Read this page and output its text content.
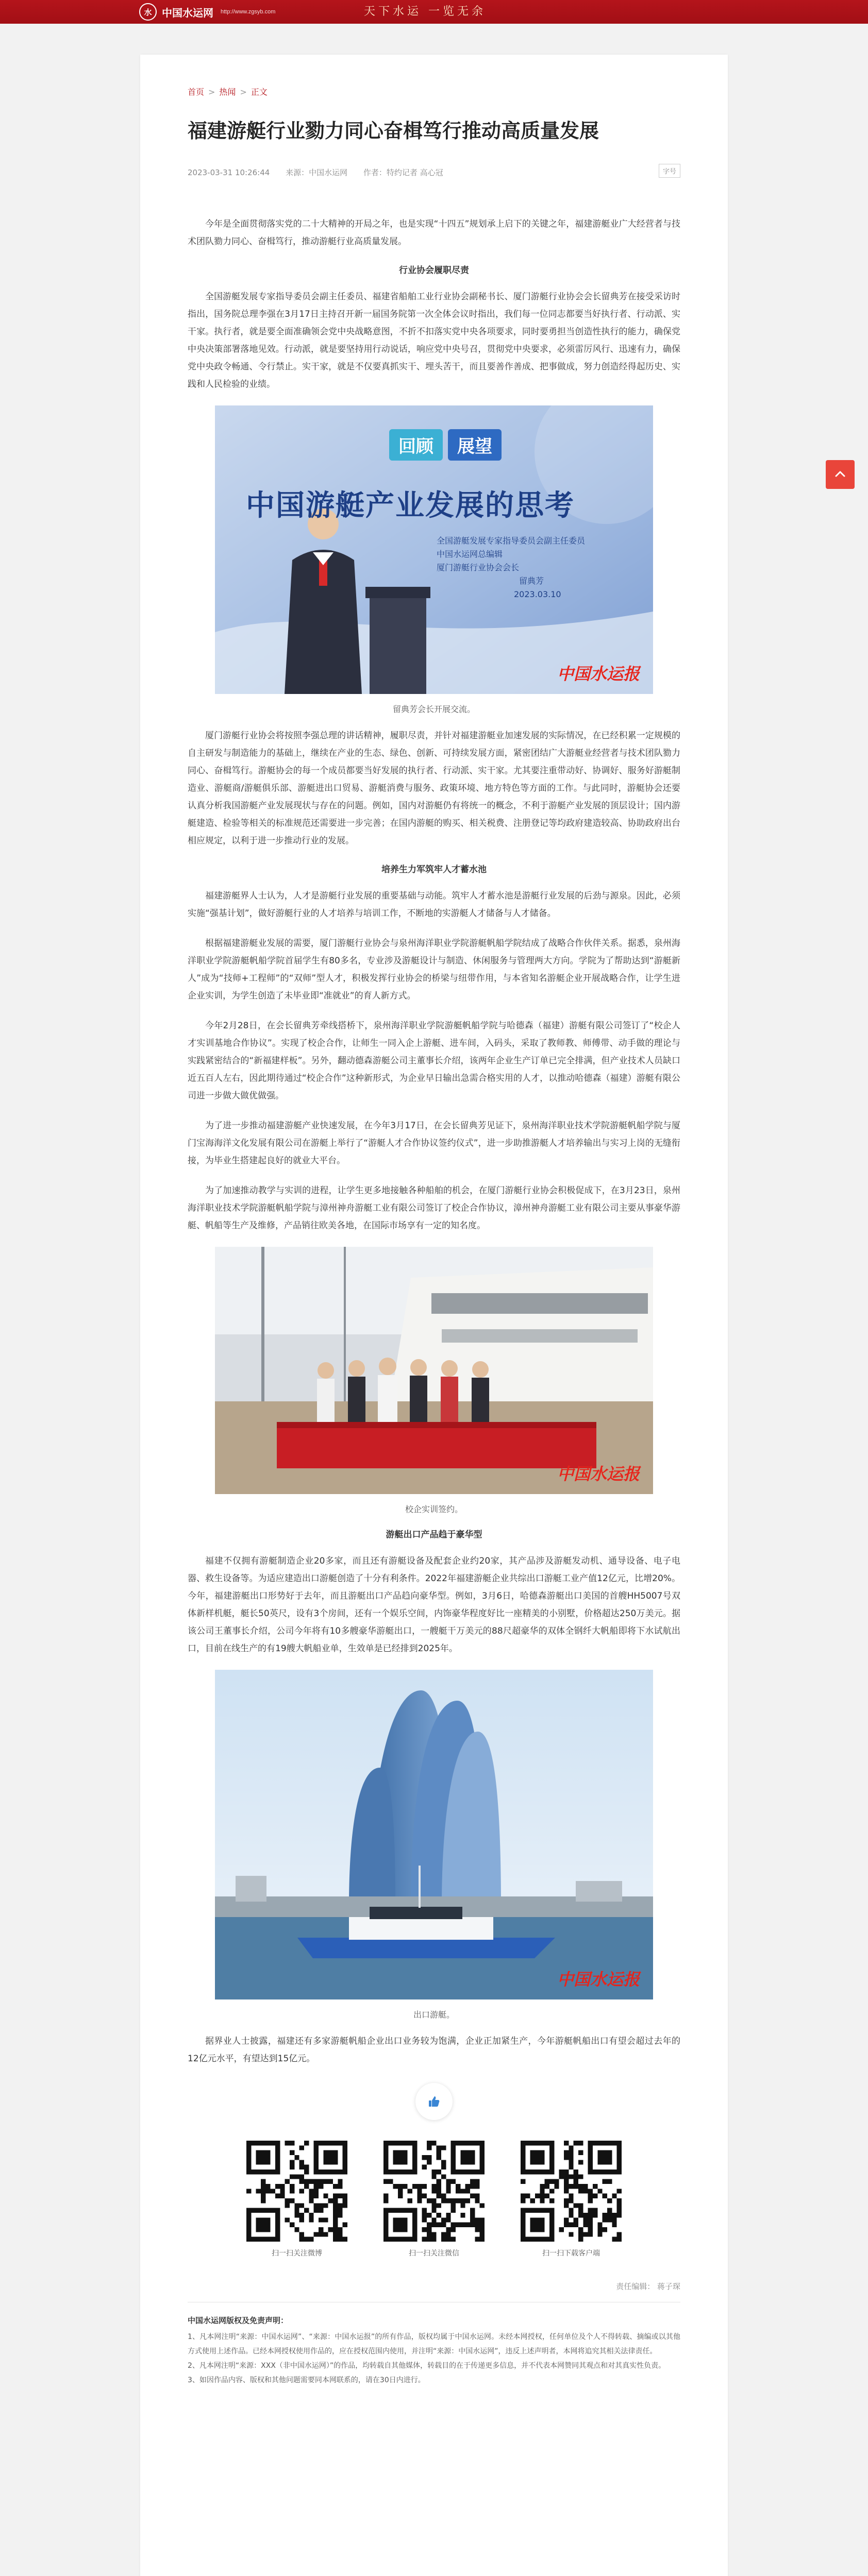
水 中国水运网 http://www.zgsyb.com	天下水运 一览无余
首页 > 热闻 > 正文
福建游艇行业勠力同心奋楫笃行推动高质量发展
2023-03-31 10:26:44 来源：中国水运网 作者：特约记者 高心冠	字号

今年是全面贯彻落实党的二十大精神的开局之年，也是实现“十四五”规划承上启下的关键之年，福建游艇业广大经营者与技术团队勠力同心、奋楫笃行，推动游艇行业高质量发展。

行业协会履职尽责

全国游艇发展专家指导委员会副主任委员、福建省船舶工业行业协会副秘书长、厦门游艇行业协会会长留典芳在接受采访时指出，国务院总理李强在3月17日主持召开新一届国务院第一次全体会议时指出，我们每一位同志都要当好执行者、行动派、实干家。执行者，就是要全面准确领会党中央战略意图，不折不扣落实党中央各项要求，同时要勇担当创造性执行的能力，确保党中央决策部署落地见效。行动派，就是要坚持用行动说话，响应党中央号召，贯彻党中央要求，必须雷厉风行、迅速有力，确保党中央政令畅通、令行禁止。实干家，就是不仅要真抓实干、埋头苦干，而且要善作善成、把事做成，努力创造经得起历史、实践和人民检验的业绩。

回顾	展望
中国游艇产业发展的思考
全国游艇发展专家指导委员会副主任委员
中国水运网总编辑
厦门游艇行业协会会长
留典芳
2023.03.10
中国水运报
留典芳会长开展交流。

厦门游艇行业协会将按照李强总理的讲话精神，履职尽责，并针对福建游艇业加速发展的实际情况，在已经积累一定规模的自主研发与制造能力的基础上，继续在产业的生态、绿色、创新、可持续发展方面，紧密团结广大游艇业经营者与技术团队勠力同心、奋楫笃行。游艇协会的每一个成员都要当好发展的执行者、行动派、实干家。尤其要注重带动好、协调好、服务好游艇制造业、游艇商/游艇俱乐部、游艇进出口贸易、游艇消费与服务、政策环境、地方特色等方面的工作。与此同时，游艇协会还要认真分析我国游艇产业发展现状与存在的问题。例如，国内对游艇仍有将统一的概念，不利于游艇产业发展的顶层设计；国内游艇建造、检验等相关的标准规范还需要进一步完善；在国内游艇的购买、相关税费、注册登记等均政府建造较高、协助政府出台相应规定，以利于进一步推动行业的发展。

培养生力军筑牢人才蓄水池

福建游艇界人士认为，人才是游艇行业发展的重要基础与动能。筑牢人才蓄水池是游艇行业发展的后劲与源泉。因此，必须实施“强基计划”，做好游艇行业的人才培养与培训工作，不断地的实游艇人才储备与人才储备。

根据福建游艇业发展的需要，厦门游艇行业协会与泉州海洋职业学院游艇帆船学院结成了战略合作伙伴关系。据悉，泉州海洋职业学院游艇帆船学院首届学生有80多名，专业涉及游艇设计与制造、休闲服务与管理两大方向。学院为了帮助达到“游艇新人”成为“技师+工程师”的“双师”型人才，积极发挥行业协会的桥梁与纽带作用，与本省知名游艇企业开展战略合作，让学生进企业实训，为学生创造了未毕业即“准就业”的育人新方式。

今年2月28日，在会长留典芳牵线搭桥下，泉州海洋职业学院游艇帆船学院与哈德森（福建）游艇有限公司签订了“校企人才实训基地合作协议”。实现了校企合作，让师生一同入企上游艇、进车间，入码头，采取了教师教、师傅带、动手做的理论与实践紧密结合的“新福建样板”。另外，翻动德森游艇公司主董事长介绍，该两年企业生产订单已完全排满，但产业技术人员缺口近五百人左右，因此期待通过“校企合作”这种新形式，为企业早日输出急需合格实用的人才，以推动哈德森（福建）游艇有限公司进一步做大做优做强。

为了进一步推动福建游艇产业快速发展，在今年3月17日，在会长留典芳见证下，泉州海洋职业技术学院游艇帆船学院与厦门宝海海洋文化发展有限公司在游艇上举行了“游艇人才合作协议签约仪式”，进一步助推游艇人才培养输出与实习上岗的无缝衔接，为毕业生搭建起良好的就业大平台。

为了加速推动教学与实训的进程，让学生更多地接触各种船舶的机会，在厦门游艇行业协会积极促成下，在3月23日，泉州海洋职业技术学院游艇帆船学院与漳州神舟游艇工业有限公司签订了校企合作协议，漳州神舟游艇工业有限公司主要从事豪华游艇、帆船等生产及维修，产品销往欧美各地，在国际市场享有一定的知名度。

中国水运报
校企实训签约。
游艇出口产品趋于豪华型

福建不仅拥有游艇制造企业20多家，而且还有游艇设备及配套企业约20家，其产品涉及游艇发动机、通导设备、电子电器、救生设备等。为适应建造出口游艇创造了十分有利条件。2022年福建游艇企业共综出口游艇工业产值12亿元，比增20%。今年，福建游艇出口形势好于去年，而且游艇出口产品趋向豪华型。例如，3月6日，哈德森游艇出口美国的首艘HH5007号双体新样机艇，艇长50英尺，设有3个房间，还有一个娱乐空间，内饰豪华程度好比一座精美的小别墅，价格超达250万美元。据该公司王董事长介绍，公司今年将有10多艘豪华游艇出口，一艘艇干万美元的88尺超豪华的双体全钢纤大帆船即将下水试航出口，目前在线生产的有19艘大帆船业单，生效单是已经排到2025年。

中国水运报
出口游艇。

据界业人士披露，福建还有多家游艇帆船企业出口业务较为饱满，企业正加紧生产，今年游艇帆船出口有望会超过去年的12亿元水平，有望达到15亿元。

扫一扫关注微博	扫一扫关注微信	扫一扫下载客户端
责任编辑： 蒋子琛
中国水运网版权及免责声明：

1、凡本网注明“来源：中国水运网”、“来源：中国水运报”的所有作品，版权均属于中国水运网。未经本网授权，任何单位及个人不得转载、摘编或以其他方式使用上述作品。已经本网授权使用作品的，应在授权范围内使用，并注明“来源：中国水运网”，违反上述声明者，本网将追究其相关法律责任。

2、凡本网注明“来源：XXX（非中国水运网）”的作品，均转载自其他媒体，转载目的在于传递更多信息，并不代表本网赞同其观点和对其真实性负责。

3、如因作品内容、版权和其他问题需要同本网联系的，请在30日内进行。
